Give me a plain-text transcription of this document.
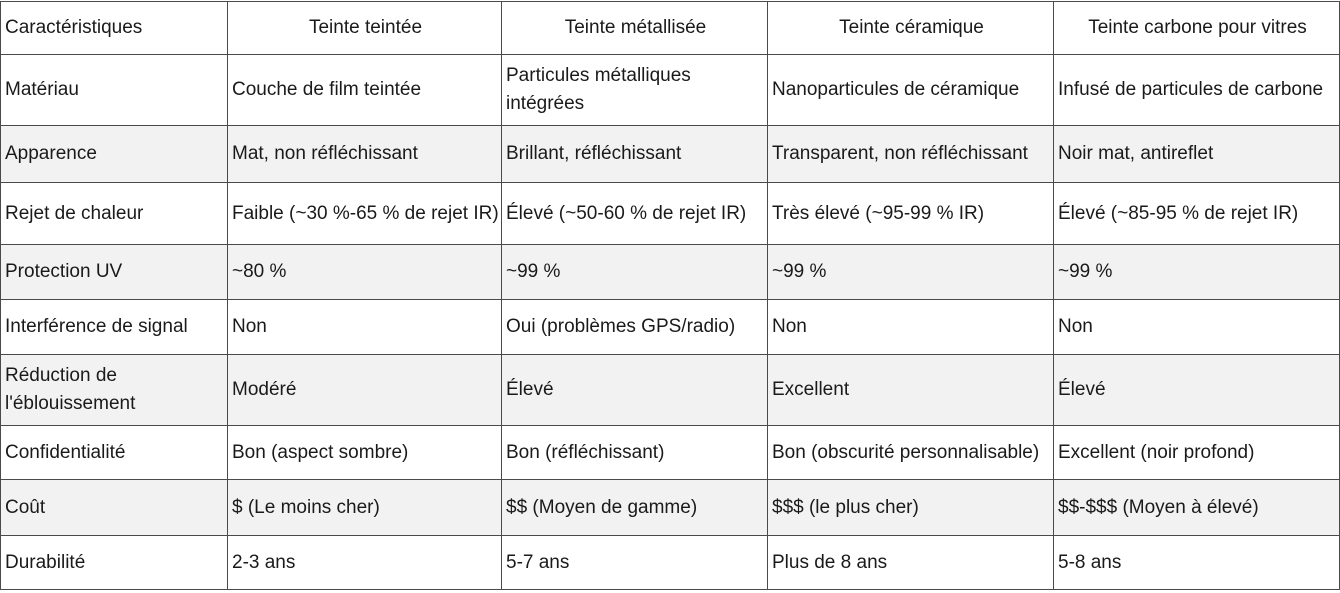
Caractéristiques	Teinte teintée	Teinte métallisée	Teinte céramique	Teinte carbone pour vitres
Matériau	Couche de film teintée	Particules métalliques intégrées	Nanoparticules de céramique	Infusé de particules de carbone
Apparence	Mat, non réfléchissant	Brillant, réfléchissant	Transparent, non réfléchissant	Noir mat, antireflet
Rejet de chaleur	Faible (~30 %-65 % de rejet IR)	Élevé (~50-60 % de rejet IR)	Très élevé (~95-99 % IR)	Élevé (~85-95 % de rejet IR)
Protection UV	~80 %	~99 %	~99 %	~99 %
Interférence de signal	Non	Oui (problèmes GPS/radio)	Non	Non
Réduction de l'éblouissement	Modéré	Élevé	Excellent	Élevé
Confidentialité	Bon (aspect sombre)	Bon (réfléchissant)	Bon (obscurité personnalisable)	Excellent (noir profond)
Coût	$ (Le moins cher)	$$ (Moyen de gamme)	$$$ (le plus cher)	$$-$$$ (Moyen à élevé)
Durabilité	2-3 ans	5-7 ans	Plus de 8 ans	5-8 ans
